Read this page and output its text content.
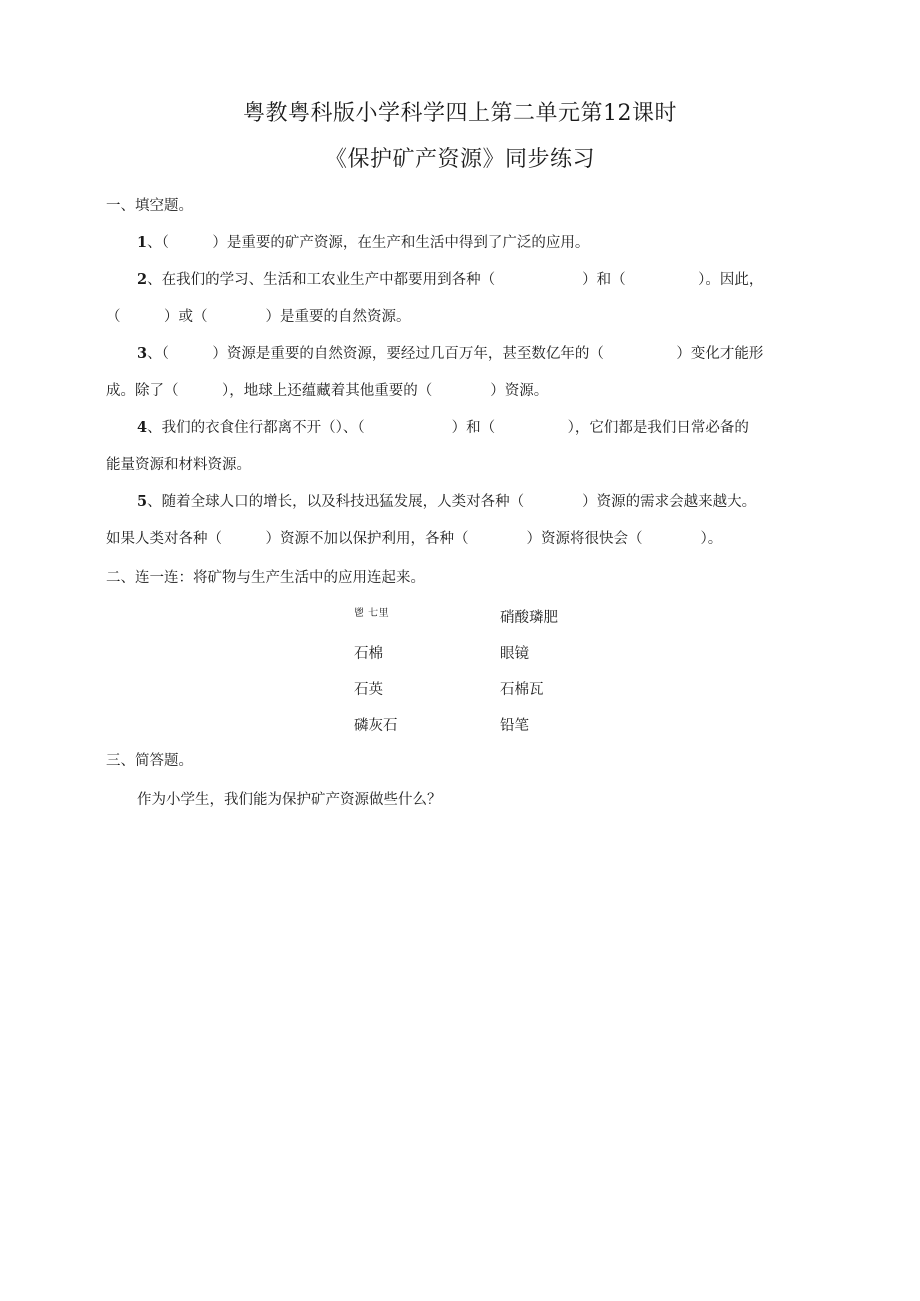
粤教粤科版小学科学四上第二单元第12课时
《保护矿产资源》同步练习
一、填空题。
1、（   ）是重要的矿产资源，在生产和生活中得到了广泛的应用。
2、在我们的学习、生活和工农业生产中都要用到各种（      ）和（     ）。因此，
（   ）或（    ）是重要的自然资源。
3、（   ）资源是重要的自然资源，要经过几百万年，甚至数亿年的（     ）变化才能形
成。除了（   ），地球上还蕴藏着其他重要的（    ）资源。
4、我们的衣食住行都离不开（）、（      ）和（     ），它们都是我们日常必备的
能量资源和材料资源。
5、随着全球人口的增长，以及科技迅猛发展，人类对各种（    ）资源的需求会越来越大。
如果人类对各种（   ）资源不加以保护利用，各种（    ）资源将很快会（    ）。
二、连一连：将矿物与生产生活中的应用连起来。
鬯 七里	硝酸璘肥
石棉	眼镜
石英	石棉瓦
磷灰石	铅笔
三、简答题。
作为小学生，我们能为保护矿产资源做些什么？
